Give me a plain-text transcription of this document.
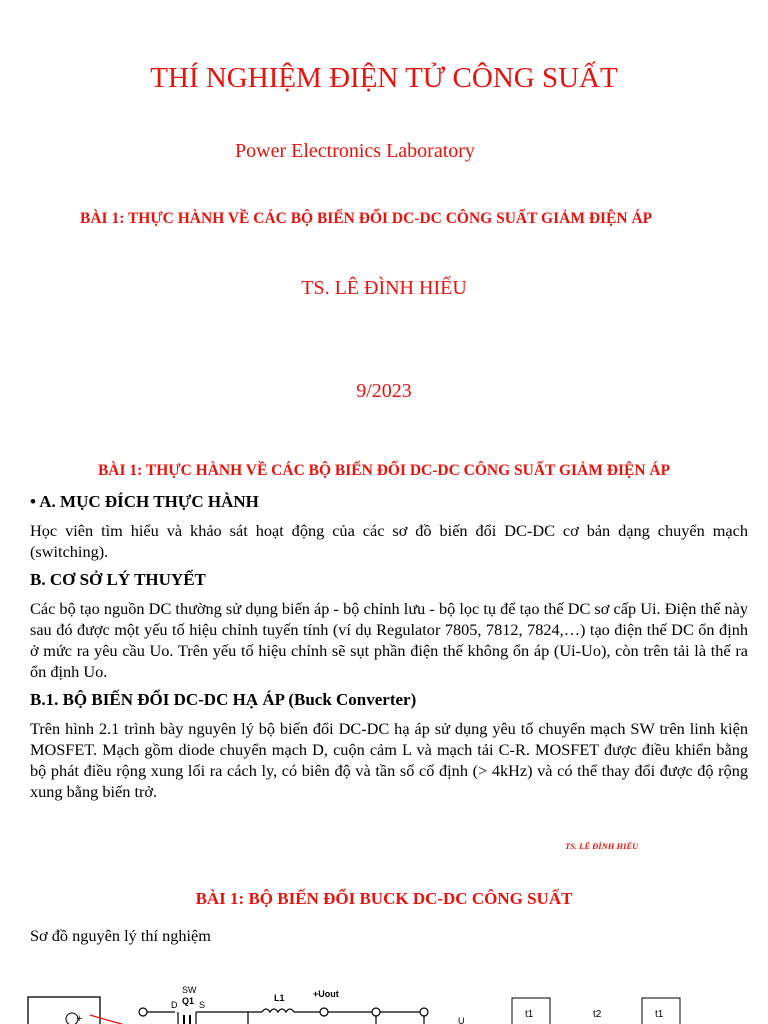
THÍ NGHIỆM ĐIỆN TỬ CÔNG SUẤT
Power Electronics Laboratory
BÀI 1: THỰC HÀNH VỀ CÁC BỘ BIẾN ĐỔI DC-DC CÔNG SUẤT GIẢM ĐIỆN ÁP
TS. LÊ ĐÌNH HIẾU
9/2023
BÀI 1: THỰC HÀNH VỀ CÁC BỘ BIẾN ĐỔI DC-DC CÔNG SUẤT GIẢM ĐIỆN ÁP
• A. MỤC ĐÍCH THỰC HÀNH
Học viên tìm hiểu và khảo sát hoạt động của các sơ đồ biến đổi DC-DC cơ bản dạng chuyển mạch (switching).
B. CƠ SỞ LÝ THUYẾT
Các bộ tạo nguồn DC thường sử dụng biến áp - bộ chỉnh lưu - bộ lọc tụ để tạo thế DC sơ cấp Ui. Điện thế này sau đó được một yếu tố hiệu chỉnh tuyến tính (ví dụ Regulator 7805, 7812, 7824,…) tạo điện thế DC ổn định ở mức ra yêu cầu Uo. Trên yếu tố hiệu chỉnh sẽ sụt phần điện thế không ổn áp (Ui-Uo), còn trên tải là thế ra ổn định Uo.
B.1. BỘ BIẾN ĐỔI DC-DC HẠ ÁP (Buck Converter)
Trên hình 2.1 trình bày nguyên lý bộ biến đổi DC-DC hạ áp sử dụng yêu tố chuyển mạch SW trên linh kiện MOSFET. Mạch gồm diode chuyển mạch D, cuộn cảm L và mạch tải C-R. MOSFET được điều khiển bằng bộ phát điều rộng xung lối ra cách ly, có biên độ và tần số cố định (> 4kHz) và có thể thay đổi được độ rộng xung bằng biến trở.
TS. LÊ ĐÌNH HIẾU
BÀI 1: BỘ BIẾN ĐỔI BUCK DC-DC CÔNG SUẤT
Sơ đồ nguyên lý thí nghiệm
+
D
SW
Q1 S
L1	+Uout
U
t1	t2	t1
